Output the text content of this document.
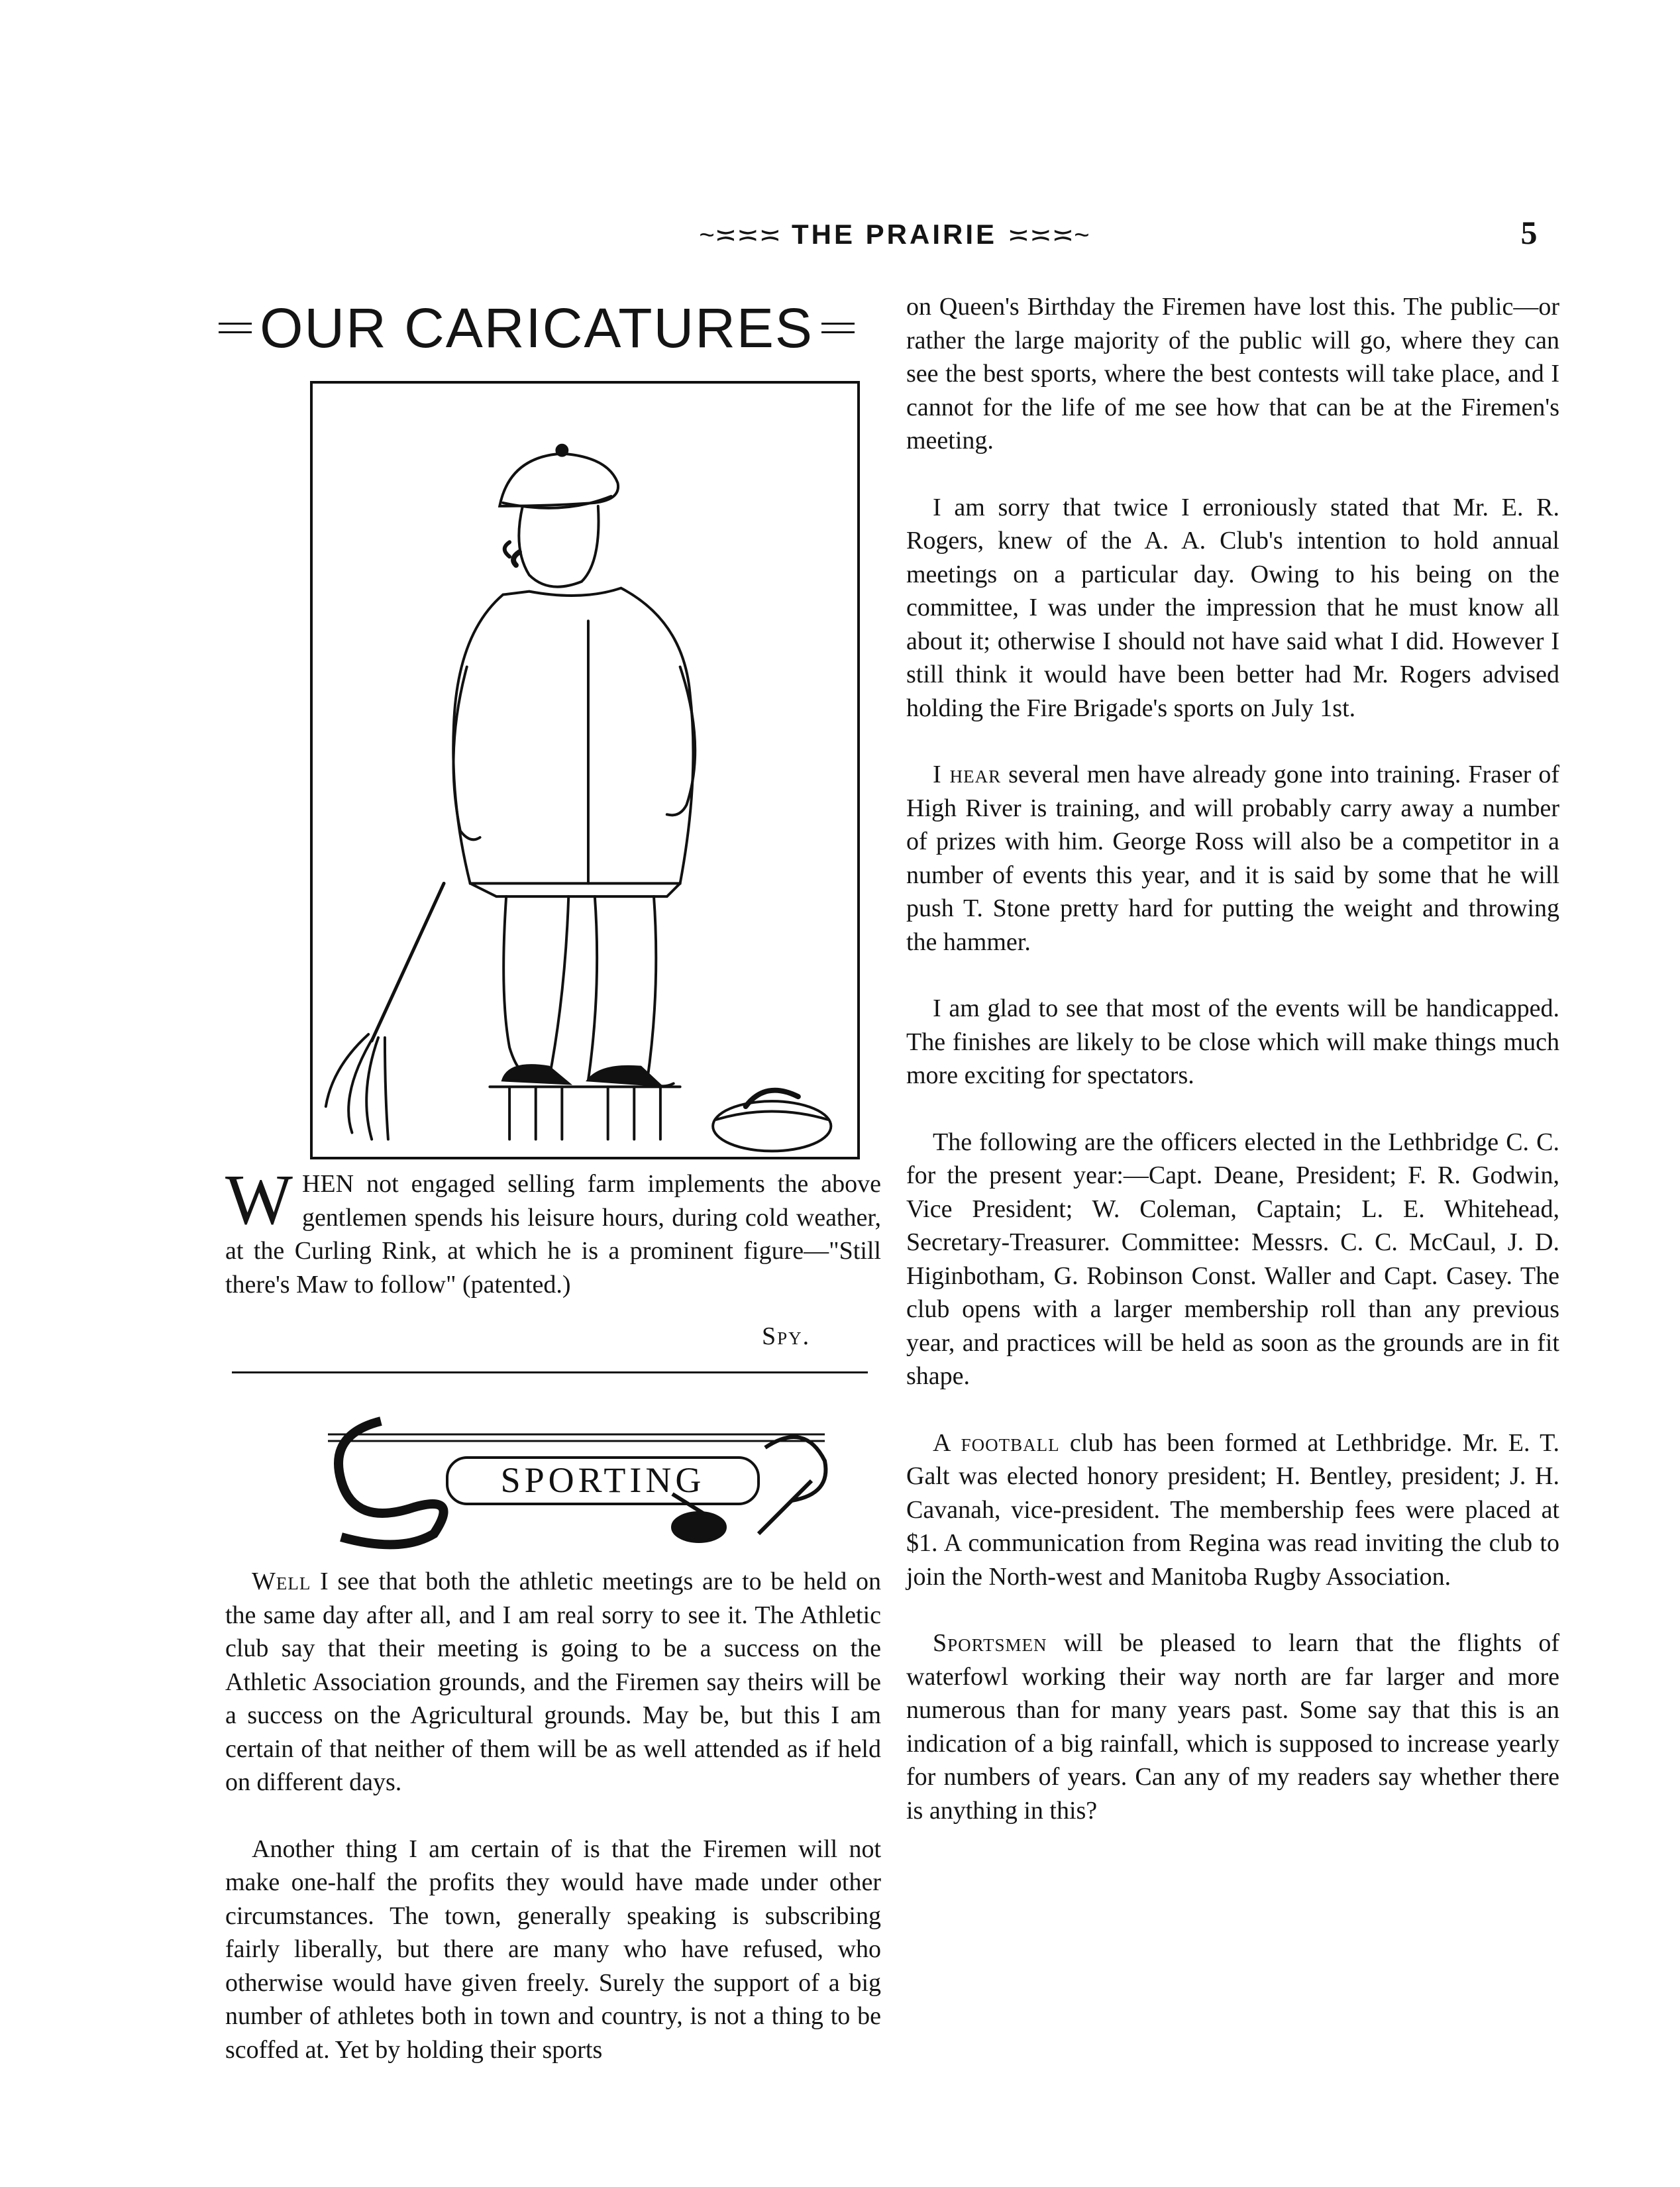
~≍≍≍ THE PRAIRIE ≍≍≍~	5
OUR CARICATURES
W HEN not engaged selling farm implements the above gentlemen spends his leisure hours, during cold weather, at the Curling Rink, at which he is a prominent figure—"Still there's Maw to follow" (patented.)

Spy.
SPORTING

Well I see that both the athletic meetings are to be held on the same day after all, and I am real sorry to see it. The Athletic club say that their meeting is going to be a success on the Athletic Association grounds, and the Firemen say theirs will be a success on the Agricultural grounds. May be, but this I am certain of that neither of them will be as well attended as if held on different days.

Another thing I am certain of is that the Firemen will not make one-half the profits they would have made under other circumstances. The town, generally speaking is subscribing fairly liberally, but there are many who have refused, who otherwise would have given freely. Surely the support of a big number of athletes both in town and country, is not a thing to be scoffed at. Yet by holding their sports

on Queen's Birthday the Firemen have lost this. The public—or rather the large majority of the public will go, where they can see the best sports, where the best contests will take place, and I cannot for the life of me see how that can be at the Firemen's meeting.

I am sorry that twice I erroniously stated that Mr. E. R. Rogers, knew of the A. A. Club's intention to hold annual meetings on a particular day. Owing to his being on the committee, I was under the impression that he must know all about it; otherwise I should not have said what I did. However I still think it would have been better had Mr. Rogers advised holding the Fire Brigade's sports on July 1st.

I hear several men have already gone into training. Fraser of High River is training, and will probably carry away a number of prizes with him. George Ross will also be a competitor in a number of events this year, and it is said by some that he will push T. Stone pretty hard for putting the weight and throwing the hammer.

I am glad to see that most of the events will be handicapped. The finishes are likely to be close which will make things much more exciting for spectators.

The following are the officers elected in the Lethbridge C. C. for the present year:—Capt. Deane, President; F. R. Godwin, Vice President; W. Coleman, Captain; L. E. Whitehead, Secretary-Treasurer. Committee: Messrs. C. C. McCaul, J. D. Higinbotham, G. Robinson Const. Waller and Capt. Casey. The club opens with a larger membership roll than any previous year, and practices will be held as soon as the grounds are in fit shape.

A football club has been formed at Lethbridge. Mr. E. T. Galt was elected honory president; H. Bentley, president; J. H. Cavanah, vice-president. The membership fees were placed at $1. A communication from Regina was read inviting the club to join the North-west and Manitoba Rugby Association.

Sportsmen will be pleased to learn that the flights of waterfowl working their way north are far larger and more numerous than for many years past. Some say that this is an indication of a big rainfall, which is supposed to increase yearly for numbers of years. Can any of my readers say whether there is anything in this?
